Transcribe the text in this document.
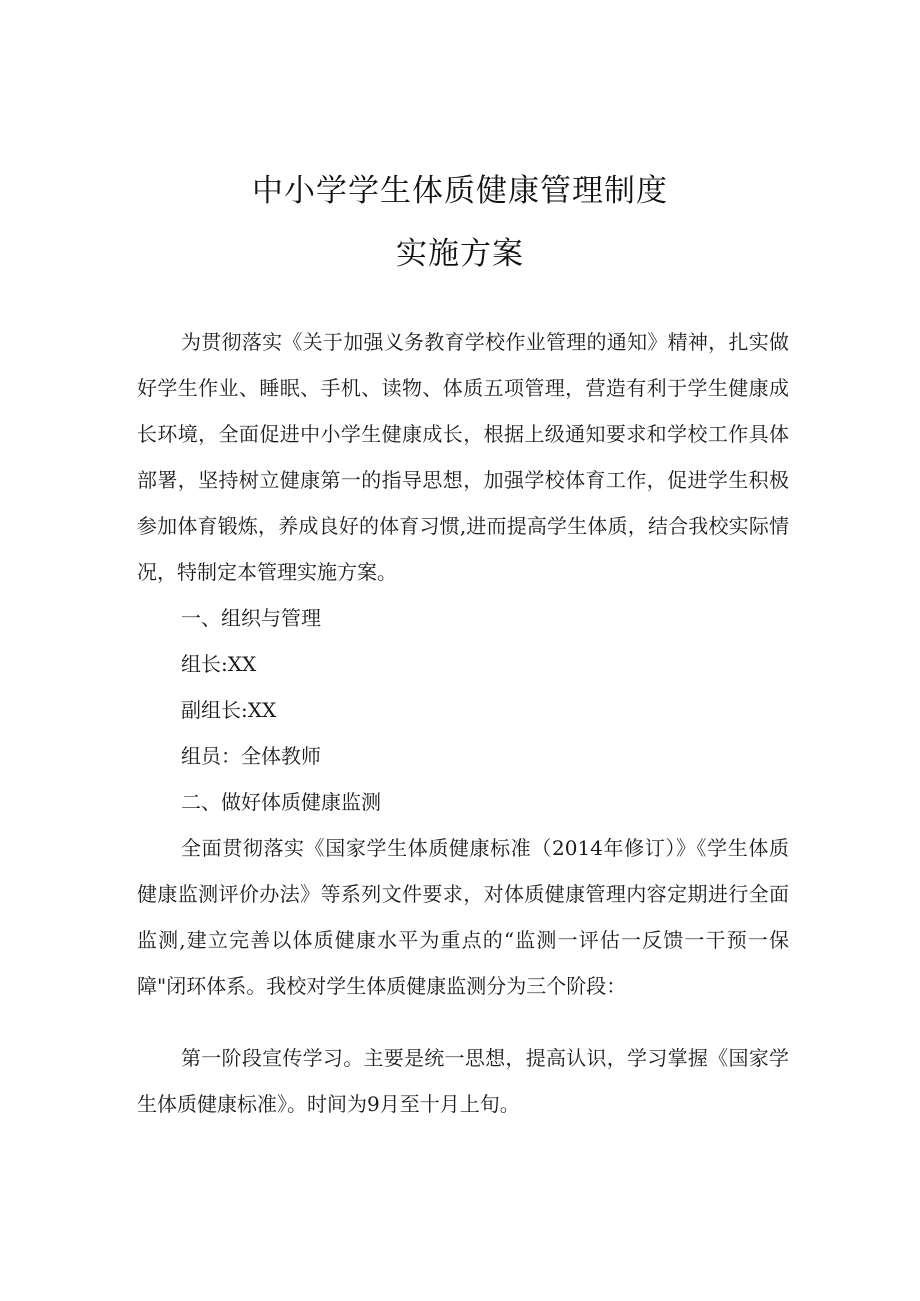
中小学学生体质健康管理制度
实施方案

为贯彻落实《关于加强义务教育学校作业管理的通知》精神，扎实做好学生作业、睡眠、手机、读物、体质五项管理，营造有利于学生健康成长环境，全面促进中小学生健康成长，根据上级通知要求和学校工作具体部署，坚持树立健康第一的指导思想，加强学校体育工作，促进学生积极参加体育锻炼，养成良好的体育习惯,进而提高学生体质，结合我校实际情况，特制定本管理实施方案。

一、组织与管理

组长:XX

副组长:XX

组员：全体教师

二、做好体质健康监测

全面贯彻落实《国家学生体质健康标准（2014年修订）》《学生体质健康监测评价办法》等系列文件要求，对体质健康管理内容定期进行全面监测,建立完善以体质健康水平为重点的“监测一评估一反馈一干预一保障"闭环体系。我校对学生体质健康监测分为三个阶段：

第一阶段宣传学习。主要是统一思想，提高认识，学习掌握《国家学生体质健康标准》。时间为9月至十月上旬。
